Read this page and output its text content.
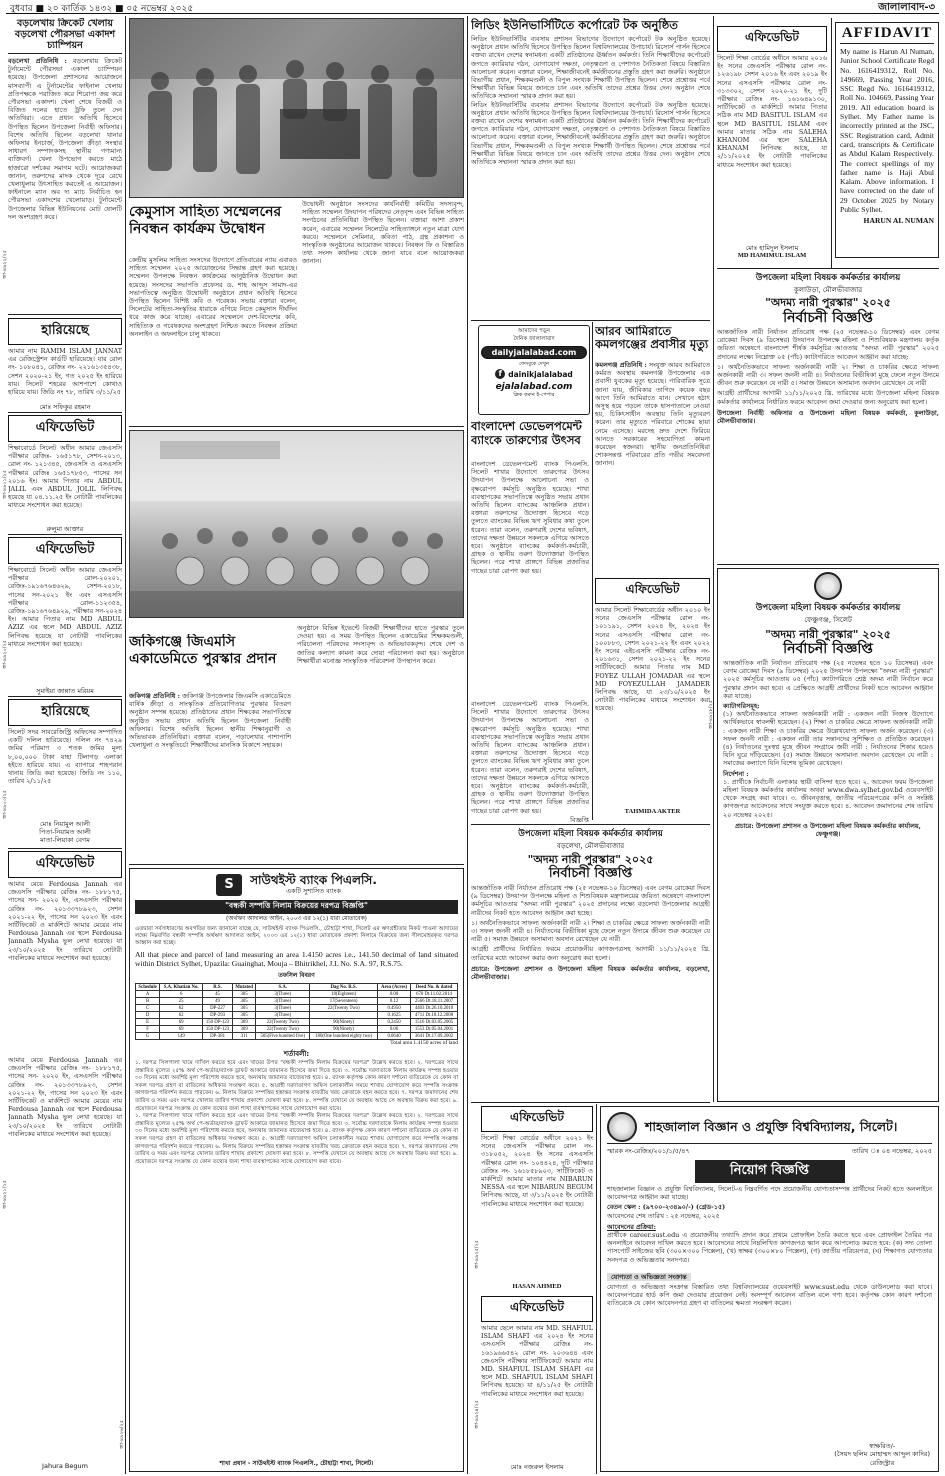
বুধবার ■ ২০ কার্তিক ১৪৩২ ■ ০৫ নভেম্বর ২০২৫	জালালাবাদ-৩
বড়লেখায় ক্রিকেট খেলায় বড়লেখা পৌরসভা একাদশ চ্যাম্পিয়ন
বড়লেখা প্রতিনিধি : বড়লেখায় ক্রিকেট টুর্নামেন্টে পৌরসভা একাদশ চ্যাম্পিয়ন হয়েছে। উপজেলা প্রশাসনের আয়োজনে মাসব্যাপী এ টুর্নামেন্টের ফাইনাল খেলায় প্রতিপক্ষকে পরাজিত করে শিরোপা জয় করে পৌরসভা একাদশ। খেলা শেষে বিজয়ী ও বিজিত দলের হাতে ট্রফি তুলে দেন অতিথিরা। এতে প্রধান অতিথি হিসেবে উপস্থিত ছিলেন উপজেলা নির্বাহী অফিসার। বিশেষ অতিথি ছিলেন বড়লেখা থানার অফিসার ইনচার্জ, উপজেলা ক্রীড়া সংস্থার সাধারণ সম্পাদকসহ স্থানীয় গণ্যমান্য ব্যক্তিবর্গ। খেলা উপভোগ করতে মাঠে হাজারো দর্শকের সমাগম ঘটে। আয়োজকরা জানান, তরুণদের মাদক থেকে দূরে রেখে খেলাধুলায় উৎসাহিত করতেই এ আয়োজন। ফাইনালে ম্যান অব দ্য ম্যাচ নির্বাচিত হন পৌরসভা একাদশের খেলোয়াড়। টুর্নামেন্টে উপজেলার বিভিন্ন ইউনিয়নের মোট ষোলটি দল অংশগ্রহণ করে।
হারিয়েছে
আমার নাম RAMIM ISLAM JANNAT এর রেজিস্ট্রেশন কার্ডটি হারিয়েছে। যার রোল নং- ১০৮০৪১, রেজিঃ নং- ২২১৬১৩৫৪৩৮, সেশন ২০২০-২১ ইং, গত ২০২৫ ইং হারিয়ে যায়। সিলেট শহরের আশপাশে কোথাও হারিয়ে যায়। জিডি নং ৭৮, তারিখ ৩/১১/২৫
মোঃ সফিকুর রহমান
এফিডেভিট
শিক্ষাবোর্ডে সিলেট অধীন আমার জেএসসি পরীক্ষার রেজিঃ- ১৬৫১৭৮, সেশন-২০১৩, রোল নং- ১২১৩৪৫, জেএসসি ও এসএসসি পরীক্ষার রেজিঃ ১৬৫১৭৮৫৩, পাসের সন ২০১৬ ইং। আমার পিতার নাম ABDUL JALIL এবং ABDUL JOLIL লিপিবদ্ধ হয়েছে যা ০৪.১১.২৫ ইং নোটারী পাবলিকের মাধ্যমে সংশোধন করা হয়েছে।
রুলুমা আক্তার
এফিডেভিট
শিক্ষাবোর্ডে সিলেট অধীন আমার জেএসসি পরীক্ষার রোল-২০২০১, রেজিঃ-১৯১৬৭৬৪৬২৯, সেশন-২০১৮, পাসের সন-২০২১ ইং এবং এসএসসি পরীক্ষার রোল-১১২৩৫৪, রেজিঃ-১৯১৬৭৬৪৯২৯, পরীক্ষার সন-২০২৪ ইং। আমার পিতার নাম MD ABDUL AZIZ এর স্থলে MD ABDUL AZIZ লিপিবদ্ধ হয়েছে যা নোটারী পাবলিকের মাধ্যমে সংশোধন করা হয়েছে।
সুমাইয়া জান্নাত মরিয়ম
হারিয়েছে
সিলেট সদর সাবরেজিস্ট্রি অফিসের সম্পাদিত একটি দলিল হারিয়েছে। দলিল নং ৭৪২৯ জমির পরিমাণ ৩ শতক জমির মূল্য ৮,০০,০০০ টাকা যাহা টিলাগড় এলাকা হইতে হারিয়ে যায়। এ ব্যাপারে শাহপরান থানায় জিডি করা হয়েছে। জিডি নং ১১০, তারিখ ২/১১/২৫
মোঃ নিয়ামুল আলী
পিতা-নিয়ামত আলী
মাতা-লিয়াকা বেগম
এফিডেভিট
আমার মেয়ে Ferdousa Jannah এর জেএসসি পরীক্ষার রেজিঃ নং- ১৮৮১৭৫, পাসের সন- ২০২০ ইং, এসএসসি পরীক্ষার রেজিঃ নং- ২০১৩৩৭৮৯২৩, সেশন ২০২১-২২ ইং, পাসের সন ২০২৩ ইং এবং সার্টিফিকেট ও মার্কশিটে আমার মেয়ের নাম Ferdousa Jannah এর স্থলে Ferdousa Jannath Mysha ভুল লেখা হয়েছে। যা ২৩/১০/২০২৫ ইং তারিখে নোটারী পাবলিকের মাধ্যমে সংশোধন করা হয়েছে।
Jahura Begum
আমার মেয়ে Ferdousa Jannah এর জেএসসি পরীক্ষার রেজিঃ নং- ১৮৮১৭৫, পাসের সন- ২০২০ ইং, এসএসসি পরীক্ষার রেজিঃ নং- ২০১৩৩৭৮৯২৩, সেশন ২০২১-২২ ইং, পাসের সন ২০২৩ ইং এবং সার্টিফিকেট ও মার্কশিটে আমার মেয়ের নাম Ferdousa Jannah এর স্থলে Ferdousa Jannath Mysha ভুল লেখা হয়েছে। যা ২৩/১০/২০২৫ ইং তারিখে নোটারী পাবলিকের মাধ্যমে সংশোধন করা হয়েছে।
কেমুসাস সাহিত্য সম্মেলনের নিবন্ধন কার্যক্রম উদ্বোধন
কেন্দ্রীয় মুসলিম সাহিত্য সংসদের উদ্যোগে প্রতিবারের ন্যায় এবারও সাহিত্য সম্মেলন ২০২৫ আয়োজনের সিদ্ধান্ত গ্রহণ করা হয়েছে। সম্মেলন উপলক্ষে নিবন্ধন কার্যক্রমের আনুষ্ঠানিক উদ্বোধন করা হয়েছে। সংসদের সভাপতি প্রফেসর ড. শাহ আব্দুস সামাদ-এর সভাপতিত্বে অনুষ্ঠিত উদ্বোধনী অনুষ্ঠানে প্রধান অতিথি হিসেবে উপস্থিত ছিলেন বিশিষ্ট কবি ও গবেষক। সভায় বক্তারা বলেন, সিলেটের সাহিত্য-সংস্কৃতির ধারাকে এগিয়ে নিতে কেমুসাস দীর্ঘদিন ধরে কাজ করে যাচ্ছে। এবারের সম্মেলনে দেশ-বিদেশের কবি, সাহিত্যিক ও গবেষকদের অংশগ্রহণ নিশ্চিত করতে নিবন্ধন প্রক্রিয়া অনলাইন ও অফলাইনে চালু থাকবে।
উদ্বোধনী অনুষ্ঠানে সংসদের কার্যনির্বাহী কমিটির সদস্যবৃন্দ, সাহিত্য সম্মেলন উদযাপন পরিষদের নেতৃবৃন্দ এবং বিভিন্ন সাহিত্য সংগঠনের প্রতিনিধিরা উপস্থিত ছিলেন। বক্তারা আশা প্রকাশ করেন, এবারের সম্মেলন সিলেটের সাহিত্যাঙ্গনে নতুন মাত্রা যোগ করবে। সম্মেলনে সেমিনার, কবিতা পাঠ, গ্রন্থ প্রকাশনা ও সাংস্কৃতিক অনুষ্ঠানের আয়োজন থাকবে। নিবন্ধন ফি ও বিস্তারিত তথ্য সংসদ কার্যালয় থেকে জানা যাবে বলে আয়োজকরা জানান।
জকিগঞ্জে জিএমসি একাডেমিতে পুরস্কার প্রদান
জকিগঞ্জ প্রতিনিধি : জকিগঞ্জ উপজেলার জিএমসি একাডেমিতে বার্ষিক ক্রীড়া ও সাংস্কৃতিক প্রতিযোগিতার পুরস্কার বিতরণ অনুষ্ঠান সম্পন্ন হয়েছে। প্রতিষ্ঠানের প্রধান শিক্ষকের সভাপতিত্বে অনুষ্ঠিত সভায় প্রধান অতিথি ছিলেন উপজেলা নির্বাহী অফিসার। বিশেষ অতিথি ছিলেন স্থানীয় শিক্ষানুরাগী ও অভিভাবক প্রতিনিধিরা। বক্তারা বলেন, পড়ালেখার পাশাপাশি খেলাধুলা ও সংস্কৃতিচর্চা শিক্ষার্থীদের মানসিক বিকাশে সহায়ক।
অনুষ্ঠানে বিভিন্ন ইভেন্টে বিজয়ী শিক্ষার্থীদের হাতে পুরস্কার তুলে দেওয়া হয়। এ সময় উপস্থিত ছিলেন একাডেমির শিক্ষকমণ্ডলী, পরিচালনা পরিষদের সদস্যবৃন্দ ও অভিভাবকবৃন্দ। শেষে দেশ ও জাতির কল্যাণ কামনা করে দোয়া পরিচালনা করা হয়। অনুষ্ঠানে শিক্ষার্থীরা মনোজ্ঞ সাংস্কৃতিক পরিবেশনা উপস্থাপন করে।
S	সাউথইস্ট ব্যাংক পিএলসি.
একটি সুশাসিত ব্যাংক
"বন্ধকী সম্পত্তি নিলাম বিক্রয়ের দরপত্র বিজ্ঞপ্তি"
(অর্থঋণ আদালত আইন, ২০০৩ এর ১২(১) ধারা মোতাবেক)
এতদ্বারা সর্বসাধারণের অবগতির জন্য জানানো যাচ্ছে যে, সাউথইস্ট ব্যাংক পিএলসি., চৌহাট্টা শাখা, সিলেট এর ঋণগ্রহীতার নিকট পাওনা আদায়ের লক্ষ্যে নিম্নবর্ণিত বন্ধকী সম্পত্তি অর্থঋণ আদালত আইন, ২০০৩ এর ১২(১) ধারা মোতাবেক প্রকাশ্য নিলামে বিক্রয়ের জন্য সীলমোহরকৃত দরপত্র আহ্বান করা হচ্ছে।
All that piece and parcel of land measuring an area 1.4150 acres i.e., 141.50 decimal of land situated within District Sylhet, Upazila: Guainghat, Mouja – Bhitrikhel, J.L No. S.A. 97, R.S.75.
তফসিল বিবরণ
Schedule	S.A. Khatian No.	R.S.	Mutated	S.A.	Dag No. R.S.	Area (Acres)	Deed No. & dated
A	6	45	305	3(Three)	18(Eighteen)	0.00	670 Dt.11.02.2014
B	25	49	305	3(Three)	17(Seventeen)	0.12	2566 Dt.18.11.2007
C	62	DP-227	305	3(Three)	22(Twenty Two)	0.4950	4403 Dt.26.10.2010
D	62	DP-293	305	3(Three)		0.1625	4711 Dt.18.12.2008
E	69	150 DP-123	309	22(Twenty Two)	90(Ninety)	0.2450	1516 Dt.03.05.2005
F	69	150 DP-123	309	22(Twenty Two)	90(Ninety)	0.06	1553 Dt.05.04.2001
G	149	DP-381	311	505(Five hundred five)	180(One hundred eighty two)	0.0640	3641 Dt.17.09.2002
Total area 1.4150 acres of land
শর্তাবলী:
১. দরপত্র সিলগালা খামে দাখিল করতে হবে এবং খামের উপর "বন্ধকী সম্পত্তি নিলাম বিক্রয়ের দরপত্র" উল্লেখ করতে হবে। ২. দরপত্রের সাথে প্রস্তাবিত মূল্যের ২৫% অর্থ পে-অর্ডার/ব্যাংক ড্রাফট আকারে জামানত হিসেবে জমা দিতে হবে। ৩. সর্বোচ্চ দরদাতাকে নিলাম কার্যক্রম সম্পন্ন হওয়ার ৩০ দিনের মধ্যে অবশিষ্ট মূল্য পরিশোধ করতে হবে, অন্যথায় জামানত বাজেয়াপ্ত হবে। ৪. ব্যাংক কর্তৃপক্ষ কোন কারণ দর্শানো ব্যতিরেকে যে কোন বা সকল দরপত্র গ্রহণ বা বাতিলের অধিকার সংরক্ষণ করে। ৫. আগ্রহী দরদাতাগণ অফিস চলাকালীন সময়ে শাখায় যোগাযোগ করে সম্পত্তি সংক্রান্ত কাগজপত্র পরিদর্শন করতে পারবেন। ৬. নিলাম বিক্রয়ে সম্পত্তির হস্তান্তর সংক্রান্ত যাবতীয় খরচ ক্রেতাকে বহন করতে হবে। ৭. দরপত্র জমাদানের শেষ তারিখ ও সময় এবং দরপত্র খোলার তারিখ শাখায় প্রকাশ্যে ঘোষণা করা হবে। ৮. সম্পত্তি যেখানে যে অবস্থায় আছে সে অবস্থায় বিক্রয় করা হবে। ৯. প্রয়োজনে দরপত্র সংক্রান্ত যে কোন তথ্যের জন্য শাখা ব্যবস্থাপকের সাথে যোগাযোগ করা যাবে।
১. দরপত্র সিলগালা খামে দাখিল করতে হবে এবং খামের উপর "বন্ধকী সম্পত্তি নিলাম বিক্রয়ের দরপত্র" উল্লেখ করতে হবে। ২. দরপত্রের সাথে প্রস্তাবিত মূল্যের ২৫% অর্থ পে-অর্ডার/ব্যাংক ড্রাফট আকারে জামানত হিসেবে জমা দিতে হবে। ৩. সর্বোচ্চ দরদাতাকে নিলাম কার্যক্রম সম্পন্ন হওয়ার ৩০ দিনের মধ্যে অবশিষ্ট মূল্য পরিশোধ করতে হবে, অন্যথায় জামানত বাজেয়াপ্ত হবে। ৪. ব্যাংক কর্তৃপক্ষ কোন কারণ দর্শানো ব্যতিরেকে যে কোন বা সকল দরপত্র গ্রহণ বা বাতিলের অধিকার সংরক্ষণ করে। ৫. আগ্রহী দরদাতাগণ অফিস চলাকালীন সময়ে শাখায় যোগাযোগ করে সম্পত্তি সংক্রান্ত কাগজপত্র পরিদর্শন করতে পারবেন। ৬. নিলাম বিক্রয়ে সম্পত্তির হস্তান্তর সংক্রান্ত যাবতীয় খরচ ক্রেতাকে বহন করতে হবে। ৭. দরপত্র জমাদানের শেষ তারিখ ও সময় এবং দরপত্র খোলার তারিখ শাখায় প্রকাশ্যে ঘোষণা করা হবে। ৮. সম্পত্তি যেখানে যে অবস্থায় আছে সে অবস্থায় বিক্রয় করা হবে। ৯. প্রয়োজনে দরপত্র সংক্রান্ত যে কোন তথ্যের জন্য শাখা ব্যবস্থাপকের সাথে যোগাযোগ করা যাবে।
শাখা প্রধান - সাউথইস্ট ব্যাংক পিএলসি., চৌহাট্টা শাখা, সিলেট।
লিডিং ইউনিভার্সিটিতে কর্পোরেট টক অনুষ্ঠিত
লিডিং ইউনিভার্সিটির ব্যবসায় প্রশাসন বিভাগের উদ্যোগে কর্পোরেট টক অনুষ্ঠিত হয়েছে। অনুষ্ঠানে প্রধান অতিথি হিসেবে উপস্থিত ছিলেন বিশ্ববিদ্যালয়ের উপাচার্য। রিসোর্স পার্সন হিসেবে বক্তব্য রাখেন দেশের স্বনামধন্য একটি প্রতিষ্ঠানের ঊর্ধ্বতন কর্মকর্তা। তিনি শিক্ষার্থীদের কর্পোরেট জগতে ক্যারিয়ার গঠন, যোগাযোগ দক্ষতা, নেতৃত্বগুণ ও পেশাগত নৈতিকতা বিষয়ে বিস্তারিত আলোচনা করেন। বক্তারা বলেন, শিক্ষাজীবনেই কর্মজীবনের প্রস্তুতি গ্রহণ করা জরুরি। অনুষ্ঠানে বিভাগীয় প্রধান, শিক্ষকমণ্ডলী ও বিপুল সংখ্যক শিক্ষার্থী উপস্থিত ছিলেন। শেষে প্রশ্নোত্তর পর্বে শিক্ষার্থীরা বিভিন্ন বিষয়ে জানতে চান এবং অতিথি তাদের প্রশ্নের উত্তর দেন। অনুষ্ঠান শেষে অতিথিকে সম্মাননা স্মারক প্রদান করা হয়।
লিডিং ইউনিভার্সিটির ব্যবসায় প্রশাসন বিভাগের উদ্যোগে কর্পোরেট টক অনুষ্ঠিত হয়েছে। অনুষ্ঠানে প্রধান অতিথি হিসেবে উপস্থিত ছিলেন বিশ্ববিদ্যালয়ের উপাচার্য। রিসোর্স পার্সন হিসেবে বক্তব্য রাখেন দেশের স্বনামধন্য একটি প্রতিষ্ঠানের ঊর্ধ্বতন কর্মকর্তা। তিনি শিক্ষার্থীদের কর্পোরেট জগতে ক্যারিয়ার গঠন, যোগাযোগ দক্ষতা, নেতৃত্বগুণ ও পেশাগত নৈতিকতা বিষয়ে বিস্তারিত আলোচনা করেন। বক্তারা বলেন, শিক্ষাজীবনেই কর্মজীবনের প্রস্তুতি গ্রহণ করা জরুরি। অনুষ্ঠানে বিভাগীয় প্রধান, শিক্ষকমণ্ডলী ও বিপুল সংখ্যক শিক্ষার্থী উপস্থিত ছিলেন। শেষে প্রশ্নোত্তর পর্বে শিক্ষার্থীরা বিভিন্ন বিষয়ে জানতে চান এবং অতিথি তাদের প্রশ্নের উত্তর দেন। অনুষ্ঠান শেষে অতিথিকে সম্মাননা স্মারক প্রদান করা হয়।
আমাদের পড়ুন
দৈনিক জালালাবাদ
dailyjalalabad.com
ফেসবুকে দেখুন
f dainikjalalabad
ejalalabad.com
ক্লিক করুন ই-পেপার
আরব আমিরাতে কমলগঞ্জের প্রবাসীর মৃত্যু
কমলগঞ্জ প্রতিনিধি : সংযুক্ত আরব আমিরাতে কর্মরত অবস্থায় কমলগঞ্জ উপজেলার এক প্রবাসী যুবকের মৃত্যু হয়েছে। পারিবারিক সূত্রে জানা যায়, জীবিকার তাগিদে কয়েক বছর আগে তিনি আমিরাতে যান। সেখানে হঠাৎ অসুস্থ হয়ে পড়লে তাকে হাসপাতালে নেওয়া হয়, চিকিৎসাধীন অবস্থায় তিনি মৃত্যুবরণ করেন। তার মৃত্যুতে পরিবারে শোকের ছায়া নেমে এসেছে। মরদেহ দ্রুত দেশে ফিরিয়ে আনতে সরকারের সহযোগিতা কামনা করেছেন স্বজনরা। স্থানীয় জনপ্রতিনিধিরা শোকসন্তপ্ত পরিবারের প্রতি গভীর সমবেদনা জানান।
বাংলাদেশ ডেভেলপমেন্ট ব্যাংকে তারুণ্যের উৎসব
বাংলাদেশ ডেভেলপমেন্ট ব্যাংক পিএলসি. সিলেট শাখার উদ্যোগে তারুণ্যের উৎসব উদযাপন উপলক্ষে আলোচনা সভা ও বৃক্ষরোপণ কর্মসূচি অনুষ্ঠিত হয়েছে। শাখা ব্যবস্থাপকের সভাপতিত্বে অনুষ্ঠিত সভায় প্রধান অতিথি ছিলেন ব্যাংকের আঞ্চলিক প্রধান। বক্তারা তরুণদের উদ্যোক্তা হিসেবে গড়ে তুলতে ব্যাংকের বিভিন্ন ঋণ সুবিধার কথা তুলে ধরেন। তারা বলেন, তরুণরাই দেশের ভবিষ্যৎ, তাদের দক্ষতা উন্নয়নে সকলকে এগিয়ে আসতে হবে। অনুষ্ঠানে ব্যাংকের কর্মকর্তা-কর্মচারী, গ্রাহক ও স্থানীয় তরুণ উদ্যোক্তারা উপস্থিত ছিলেন। পরে শাখা প্রাঙ্গণে বিভিন্ন প্রজাতির গাছের চারা রোপণ করা হয়।
বাংলাদেশ ডেভেলপমেন্ট ব্যাংক পিএলসি. সিলেট শাখার উদ্যোগে তারুণ্যের উৎসব উদযাপন উপলক্ষে আলোচনা সভা ও বৃক্ষরোপণ কর্মসূচি অনুষ্ঠিত হয়েছে। শাখা ব্যবস্থাপকের সভাপতিত্বে অনুষ্ঠিত সভায় প্রধান অতিথি ছিলেন ব্যাংকের আঞ্চলিক প্রধান। বক্তারা তরুণদের উদ্যোক্তা হিসেবে গড়ে তুলতে ব্যাংকের বিভিন্ন ঋণ সুবিধার কথা তুলে ধরেন। তারা বলেন, তরুণরাই দেশের ভবিষ্যৎ, তাদের দক্ষতা উন্নয়নে সকলকে এগিয়ে আসতে হবে। অনুষ্ঠানে ব্যাংকের কর্মকর্তা-কর্মচারী, গ্রাহক ও স্থানীয় তরুণ উদ্যোক্তারা উপস্থিত ছিলেন। পরে শাখা প্রাঙ্গণে বিভিন্ন প্রজাতির গাছের চারা রোপণ করা হয়।
বিজ্ঞপ্তি
এফিডেভিট
আমার সিলেট শিক্ষাবোর্ডের অধীন ২০১০ ইং সনের জেএসসি পরীক্ষার রোল নং- ১০১১৯১, সেশন ২০২৪ ইং, ২০২৪ ইং সনের এসএসসি পরীক্ষার রোল নং- ১০০৮৮৩, সেশন ২০২১-২২ ইং এবং ২০২২ ইং সনের এইচএসসি পরীক্ষার রেজিঃ নং- ২০১৬৩১, সেশন ২০২১-২২ ইং সনের সার্টিফিকেটে আমার পিতার নাম MD FOYEZ ULLAH JOMADAR এর স্থলে MD FOYEZULLAH JAMADER লিপিবদ্ধ আছে, যা ২৩/১০/২০২৫ ইং নোটারী পাবলিকের মাধ্যমে সংশোধন করা হয়েছে।
TAHMIDA AKTER
উপজেলা মহিলা বিষয়ক কর্মকর্তার কার্যালয়
বড়লেখা, মৌলভীবাজার
"অদম্য নারী পুরস্কার" ২০২৫
নির্বাচনী বিজ্ঞপ্তি
আন্তর্জাতিক নারী নির্যাতন প্রতিরোধ পক্ষ (২৫ নভেম্বর-১০ ডিসেম্বর) এবং বেগম রোকেয়া দিবস (৯ ডিসেম্বর) উদযাপন উপলক্ষে মহিলা ও শিশুবিষয়ক মন্ত্রণালয়ের জয়িতা অন্বেষণে বাংলাদেশ কর্মসূচির আওতায় "অদম্য নারী পুরস্কার" ২০২৫ প্রদানের লক্ষ্যে বড়লেখা উপজেলার আগ্রহী নারীদের নিকট হতে আবেদন আহ্বান করা হচ্ছে।
১। অর্থনৈতিকভাবে সাফল্য অর্জনকারী নারী ২। শিক্ষা ও চাকরির ক্ষেত্রে সাফল্য অর্জনকারী নারী ৩। সফল জননী নারী ৪। নির্যাতনের বিভীষিকা মুছে ফেলে নতুন উদ্যমে জীবন শুরু করেছেন যে নারী ৫। সমাজ উন্নয়নে অসামান্য অবদান রেখেছেন যে নারী
আগ্রহী প্রার্থীদের নির্ধারিত ফরমে প্রয়োজনীয় কাগজপত্রসহ আগামী ১১/১১/২০২৫ খ্রি. তারিখের মধ্যে আবেদন করার জন্য অনুরোধ করা হলো।
প্রচারে: উপজেলা প্রশাসন ও উপজেলা মহিলা বিষয়ক কর্মকর্তার কার্যালয়, বড়লেখা, মৌলভীবাজার।
এফিডেভিট
সিলেট শিক্ষা বোর্ডের অধীনে ২০২১ ইং সনের জেএসসি পরীক্ষার রোল নং- ৩১৮০৫২, ২০২৪ ইং সনের এসএসসি পরীক্ষার রোল নং- ১০৪৪২৪, দুটি পরীক্ষার রেজিঃ নং- ১৬১৮৫৮৯০৩, সার্টিফিকেট ও মার্কশিটে আমার মাতার নাম NIBARUN NESSA এর স্থলে NIBARUN BEGUM লিপিবদ্ধ আছে, যা ৩/১১/২০২৫ ইং নোটারী পাবলিকের মাধ্যমে সংশোধন করা হয়েছে।
HASAN AHMED
এফিডেভিট
আমার ছেলে আমার নাম MD. SHAFIUL ISLAM SHAFI এর ২০২৪ ইং সনের এসএসসি পরীক্ষার রেজিঃ নং- ১৬১৯৬৬৫৪২ রোল নং- ২০৩৬৪৪ এবং জেএসসি পরীক্ষার সার্টিফিকেটে আমার নাম MD. SHAFIUL ISLAM SHAFI এর স্থলে MD. SHAFIUL ISLAM SHAFI লিপিবদ্ধ হয়েছে। যা ৪/১১/২৫ ইং নোটারী পাবলিকের মাধ্যমে সংশোধন করা হয়েছে।
মোঃ নজরুল ইসলাম
শাহজালাল বিজ্ঞান ও প্রযুক্তি বিশ্ববিদ্যালয়, সিলেট।
স্মারক নং-রেজিঃ/২০১/১/৫/৪৭	তারিখ ঃ ০৪ নভেম্বর, ২০২৫
নিয়োগ বিজ্ঞপ্তি
শাহজালাল বিজ্ঞান ও প্রযুক্তি বিশ্ববিদ্যালয়, সিলেট-এ নিম্নবর্ণিত পদে প্রয়োজনীয় যোগ্যতাসম্পন্ন প্রার্থীদের নিকট হতে অনলাইনে আবেদনপত্র আহ্বান করা যাচ্ছে।
বেতন স্কেল : (৯৭০০-২৩৪৯০/-) (গ্রেড-১৫)
আবেদনের শেষ তারিখ : ২৫ নভেম্বর, ২০২৫
আবেদনের প্রক্রিয়া:
প্রার্থীকে career.sust.edu এ প্রয়োজনীয় তথ্যাদি প্রদান করে প্রথমে প্রোফাইল তৈরি করতে হবে এবং প্রোফাইল তৈরির পর অনলাইনে আবেদন দাখিল করতে হবে। আবেদনের সাথে নিম্নলিখিত কাগজপত্র স্ক্যান করে আপলোড করতে হবে: (ক) সদ্য তোলা পাসপোর্ট সাইজের ছবি (৩০০×৩০০ পিক্সেল), (খ) স্বাক্ষর (৩০০×৮০ পিক্সেল), (গ) জাতীয় পরিচয়পত্র, (ঘ) শিক্ষাগত যোগ্যতার সনদপত্র ও অভিজ্ঞতার সনদপত্র।
যোগ্যতা ও অভিজ্ঞতা সংক্রান্ত
যোগ্যতা ও অভিজ্ঞতা সংক্রান্ত বিস্তারিত তথ্য বিশ্ববিদ্যালয়ের ওয়েবসাইট www.sust.edu থেকে ডাউনলোড করা যাবে। আবেদনপত্রের হার্ড কপি জমা দেওয়ার প্রয়োজন নেই। অসম্পূর্ণ আবেদন বাতিল বলে গণ্য হবে। কর্তৃপক্ষ কোন কারণ দর্শানো ব্যতিরেকে যে কোন আবেদনপত্র গ্রহণ বা বাতিলের ক্ষমতা সংরক্ষণ করেন।
স্বাক্ষরিত/-
(সৈয়দ ছলিম মোহাম্মদ আব্দুল কাদির)
রেজিস্ট্রার
এফিডেভিট
সিলেট শিক্ষা বোর্ডের অধীনে আমার ২০১৬ ইং সনের জেএসসি পরীক্ষার রোল নং- ১২৬১৯৮ সেশন ২০১৬ ইং এবং ২০১৯ ইং সনের এসএসসি পরীক্ষার রোল নং- ৩১৩৩০২, সেশন ২০২০-২১ ইং, দুটি পরীক্ষার রেজিঃ নং- ১৬১৬৪৯১৩০, সার্টিফিকেট ও মার্কশিটে আমার পিতার সঠিক নাম MD BASITUL ISLAM এর স্থলে MD BASITUL ISLAM এবং আমার মাতার সঠিক নাম SALEHA KHANOM এর স্থলে SALEHA KHANAM লিপিবদ্ধ আছে, যা ২/১১/২০২৫ ইং নোটারী পাবলিকের মাধ্যমে সংশোধন করা হয়েছে।
মোঃ হামিদুল ইসলাম
MD HAMIMUL ISLAM
AFFIDAVIT
My name is Harun Al Numan, Junior School Certificate Regd No. 1616419312, Roll No. 149669, Passing Year 2016, SSC Regd No. 1616419312, Roll No. 104669, Passing Year 2019. All education board is Sylhet. My Father name is incorrectly printed at the JSC, SSC Registration card, Admit card, transcripts & Certificate as Abdul Kalam Respectively. The correct spellings of my father name is Haji Abul Kalam. Above information. I have corrected on the date of 29 October 2025 by Notary Public Sylhet.
HARUN AL NUMAN
উপজেলা মহিলা বিষয়ক কর্মকর্তার কার্যালয়
কুলাউড়া, মৌলভীবাজার
"অদম্য নারী পুরস্কার" ২০২৫
নির্বাচনী বিজ্ঞপ্তি
আন্তর্জাতিক নারী নির্যাতন প্রতিরোধ পক্ষ (২৫ নভেম্বর-১০ ডিসেম্বর) এবং বেগম রোকেয়া দিবস (৯ ডিসেম্বর) উদযাপন উপলক্ষে মহিলা ও শিশুবিষয়ক মন্ত্রণালয় কর্তৃক জয়িতা অন্বেষণে বাংলাদেশ শীর্ষক কর্মসূচির আওতায় "অদম্য নারী পুরস্কার" ২০২৫ প্রদানের লক্ষ্যে নিম্নোক্ত ০৫ (পাঁচ) ক্যাটাগরিতে আবেদন আহ্বান করা যাচ্ছে:
১। অর্থনৈতিকভাবে সাফল্য অর্জনকারী নারী ২। শিক্ষা ও চাকরির ক্ষেত্রে সাফল্য অর্জনকারী নারী ৩। সফল জননী নারী ৪। নির্যাতনের বিভীষিকা মুছে ফেলে নতুন উদ্যমে জীবন শুরু করেছেন যে নারী ৫। সমাজ উন্নয়নে অসামান্য অবদান রেখেছেন যে নারী
আগ্রহী প্রার্থীদের আগামী ১১/১১/২০২৫ খ্রি. তারিখের মধ্যে উপজেলা মহিলা বিষয়ক কর্মকর্তার কার্যালয়ে নির্ধারিত ফরমে আবেদন জমা দেওয়ার জন্য অনুরোধ করা হলো।
উপজেলা নির্বাহী অফিসার ও উপজেলা মহিলা বিষয়ক কর্মকর্তা, কুলাউড়া, মৌলভীবাজার।
উপজেলা মহিলা বিষয়ক কর্মকর্তার কার্যালয়
ফেঞ্চুগঞ্জ, সিলেট
"অদম্য নারী পুরস্কার" ২০২৫
নির্বাচনী বিজ্ঞপ্তি
আন্তর্জাতিক নারী নির্যাতন প্রতিরোধ পক্ষ (২৫ নভেম্বর হতে ১০ ডিসেম্বর) এবং বেগম রোকেয়া দিবস (৯ ডিসেম্বর) ২০২৫ উদযাপন উপলক্ষ্যে "অদম্য নারী পুরস্কার" ২০২৫ কর্মসূচির আওতায় ০৫ (পাঁচ) ক্যাটাগরিতে শ্রেষ্ঠ অদম্য নারী নির্বাচন করে পুরস্কার প্রদান করা হবে। এ প্রেক্ষিতে আগ্রহী প্রার্থীদের নিকট হতে আবেদন আহ্বান করা যাচ্ছে।
ক্যাটাগরিসমূহ:
(১) অর্থনৈতিকভাবে সাফল্য অর্জনকারী নারী : একজন নারী নিজস্ব উদ্যোগে আর্থিকভাবে স্বাবলম্বী হয়েছেন। (২) শিক্ষা ও চাকরির ক্ষেত্রে সাফল্য অর্জনকারী নারী : একজন নারী শিক্ষা ও চাকরির ক্ষেত্রে উল্লেখযোগ্য সাফল্য অর্জন করেছেন। (৩) সফল জননী নারী : একজন নারী তার সন্তানদের সুশিক্ষিত ও প্রতিষ্ঠিত করেছেন। (৪) নির্যাতনের দুঃস্বপ্ন মুছে জীবন সংগ্রামে জয়ী নারী : নির্যাতনের শিকার হয়েও যিনি ঘুরে দাঁড়িয়েছেন। (৫) সমাজ উন্নয়নে অসামান্য অবদান রেখেছেন যে নারী : সমাজের কল্যাণে যিনি বিশেষ ভূমিকা রেখেছেন।
নির্দেশনা :
১. প্রার্থীকে নির্বাচনী এলাকার স্থায়ী বাসিন্দা হতে হবে। ২. আবেদন ফরম উপজেলা মহিলা বিষয়ক কর্মকর্তার কার্যালয় অথবা www.dwa.sylhet.gov.bd ওয়েবসাইট থেকে সংগ্রহ করা যাবে। ৩. জীবনবৃত্তান্ত, জাতীয় পরিচয়পত্রের কপি ও সংশ্লিষ্ট কাগজপত্র আবেদনের সাথে সংযুক্ত করতে হবে। ৪. আবেদন জমাদানের শেষ তারিখ ২০ নভেম্বর ২০২৫।
প্রচারে: উপজেলা প্রশাসন ও উপজেলা মহিলা বিষয়ক কর্মকর্তার কার্যালয়, ফেঞ্চুগঞ্জ।
জা-৪৯২২/২৫
জা-৪৯০১/২৫
জা-৪৯২০/২৫
জা-৪৯০৩/২৫
জা-৪৯২১/২৫
জা-৪৯২৬/২৫
জা-৪৯২৫/২৫
জা-৪৯২৪/২৫
জা-৪৯২৮/২৫
